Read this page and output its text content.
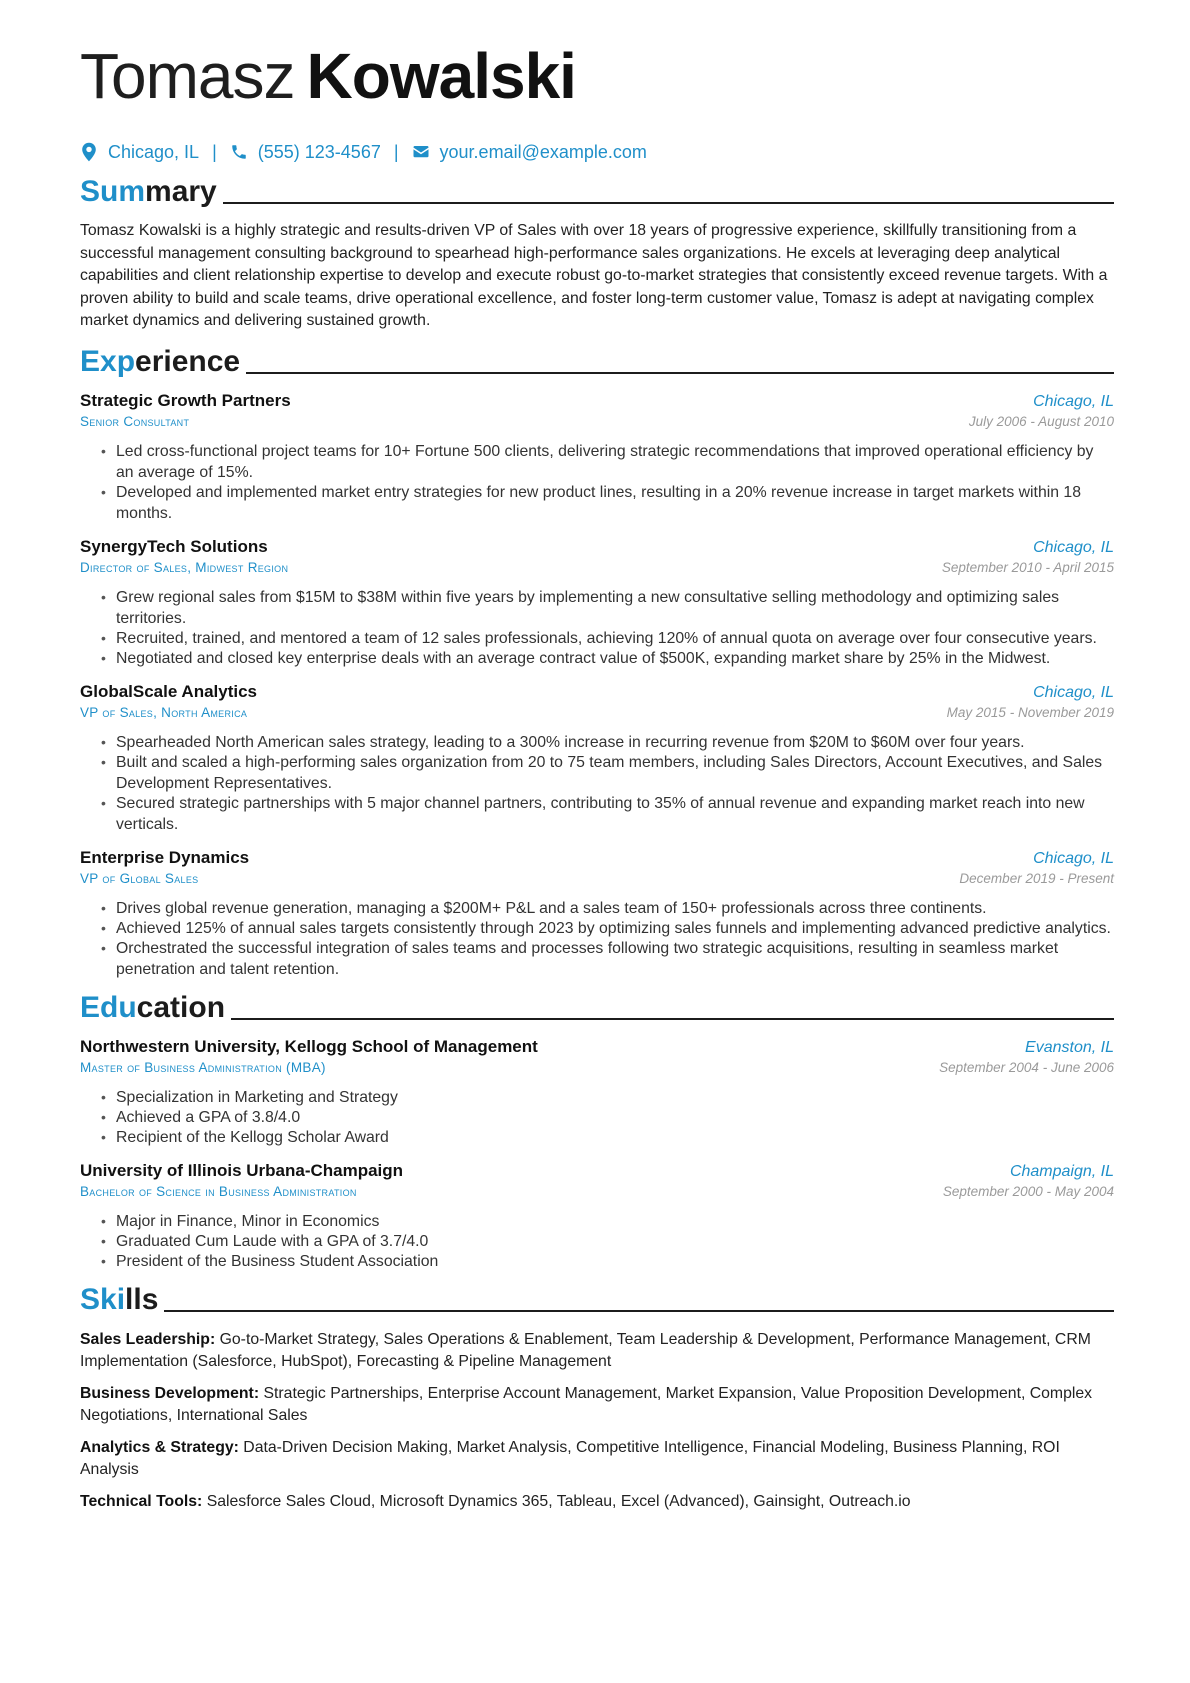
Tomasz Kowalski
Chicago, IL | (555) 123-4567 | your.email@example.com
Summary

Tomasz Kowalski is a highly strategic and results-driven VP of Sales with over 18 years of progressive experience, skillfully transitioning from a successful management consulting background to spearhead high-performance sales organizations. He excels at leveraging deep analytical capabilities and client relationship expertise to develop and execute robust go-to-market strategies that consistently exceed revenue targets. With a proven ability to build and scale teams, drive operational excellence, and foster long-term customer value, Tomasz is adept at navigating complex market dynamics and delivering sustained growth.

Experience
Strategic Growth Partners	Chicago, IL
Senior Consultant	July 2006 - August 2010
• Led cross-functional project teams for 10+ Fortune 500 clients, delivering strategic recommendations that improved operational efficiency by an average of 15%.
• Developed and implemented market entry strategies for new product lines, resulting in a 20% revenue increase in target markets within 18 months.
SynergyTech Solutions	Chicago, IL
Director of Sales, Midwest Region	September 2010 - April 2015
• Grew regional sales from $15M to $38M within five years by implementing a new consultative selling methodology and optimizing sales territories.
• Recruited, trained, and mentored a team of 12 sales professionals, achieving 120% of annual quota on average over four consecutive years.
• Negotiated and closed key enterprise deals with an average contract value of $500K, expanding market share by 25% in the Midwest.
GlobalScale Analytics	Chicago, IL
VP of Sales, North America	May 2015 - November 2019
• Spearheaded North American sales strategy, leading to a 300% increase in recurring revenue from $20M to $60M over four years.
• Built and scaled a high-performing sales organization from 20 to 75 team members, including Sales Directors, Account Executives, and Sales Development Representatives.
• Secured strategic partnerships with 5 major channel partners, contributing to 35% of annual revenue and expanding market reach into new verticals.
Enterprise Dynamics	Chicago, IL
VP of Global Sales	December 2019 - Present
• Drives global revenue generation, managing a $200M+ P&L and a sales team of 150+ professionals across three continents.
• Achieved 125% of annual sales targets consistently through 2023 by optimizing sales funnels and implementing advanced predictive analytics.
• Orchestrated the successful integration of sales teams and processes following two strategic acquisitions, resulting in seamless market penetration and talent retention.
Education
Northwestern University, Kellogg School of Management	Evanston, IL
Master of Business Administration (MBA)	September 2004 - June 2006
• Specialization in Marketing and Strategy
• Achieved a GPA of 3.8/4.0
• Recipient of the Kellogg Scholar Award
University of Illinois Urbana-Champaign	Champaign, IL
Bachelor of Science in Business Administration	September 2000 - May 2004
• Major in Finance, Minor in Economics
• Graduated Cum Laude with a GPA of 3.7/4.0
• President of the Business Student Association
Skills
Sales Leadership: Go-to-Market Strategy, Sales Operations & Enablement, Team Leadership & Development, Performance Management, CRM Implementation (Salesforce, HubSpot), Forecasting & Pipeline Management
Business Development: Strategic Partnerships, Enterprise Account Management, Market Expansion, Value Proposition Development, Complex Negotiations, International Sales
Analytics & Strategy: Data-Driven Decision Making, Market Analysis, Competitive Intelligence, Financial Modeling, Business Planning, ROI Analysis
Technical Tools: Salesforce Sales Cloud, Microsoft Dynamics 365, Tableau, Excel (Advanced), Gainsight, Outreach.io
